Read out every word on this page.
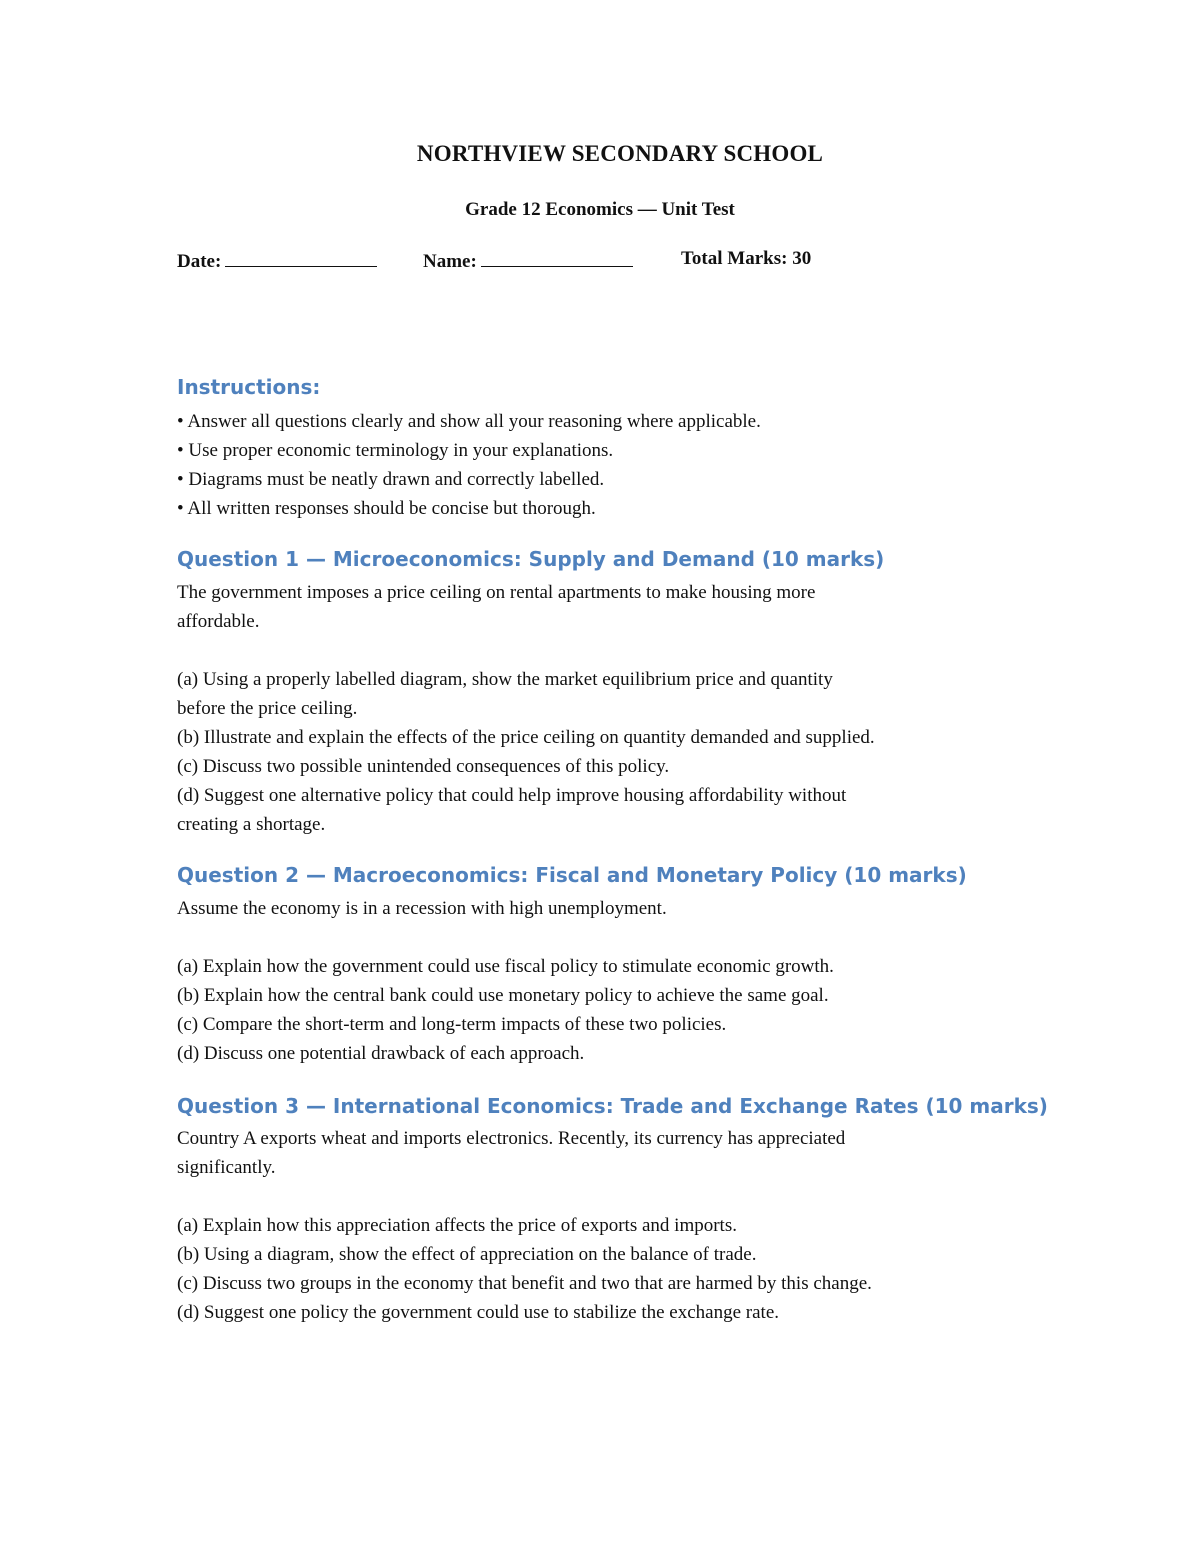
NORTHVIEW SECONDARY SCHOOL
Grade 12 Economics — Unit Test
Date:	Name:	Total Marks: 30
Instructions:

• Answer all questions clearly and show all your reasoning where applicable.

• Use proper economic terminology in your explanations.

• Diagrams must be neatly drawn and correctly labelled.

• All written responses should be concise but thorough.

Question 1 — Microeconomics: Supply and Demand (10 marks)

The government imposes a price ceiling on rental apartments to make housing more

affordable.

(a) Using a properly labelled diagram, show the market equilibrium price and quantity

before the price ceiling.

(b) Illustrate and explain the effects of the price ceiling on quantity demanded and supplied.

(c) Discuss two possible unintended consequences of this policy.

(d) Suggest one alternative policy that could help improve housing affordability without

creating a shortage.

Question 2 — Macroeconomics: Fiscal and Monetary Policy (10 marks)

Assume the economy is in a recession with high unemployment.

(a) Explain how the government could use fiscal policy to stimulate economic growth.

(b) Explain how the central bank could use monetary policy to achieve the same goal.

(c) Compare the short-term and long-term impacts of these two policies.

(d) Discuss one potential drawback of each approach.

Question 3 — International Economics: Trade and Exchange Rates (10 marks)

Country A exports wheat and imports electronics. Recently, its currency has appreciated

significantly.

(a) Explain how this appreciation affects the price of exports and imports.

(b) Using a diagram, show the effect of appreciation on the balance of trade.

(c) Discuss two groups in the economy that benefit and two that are harmed by this change.

(d) Suggest one policy the government could use to stabilize the exchange rate.
